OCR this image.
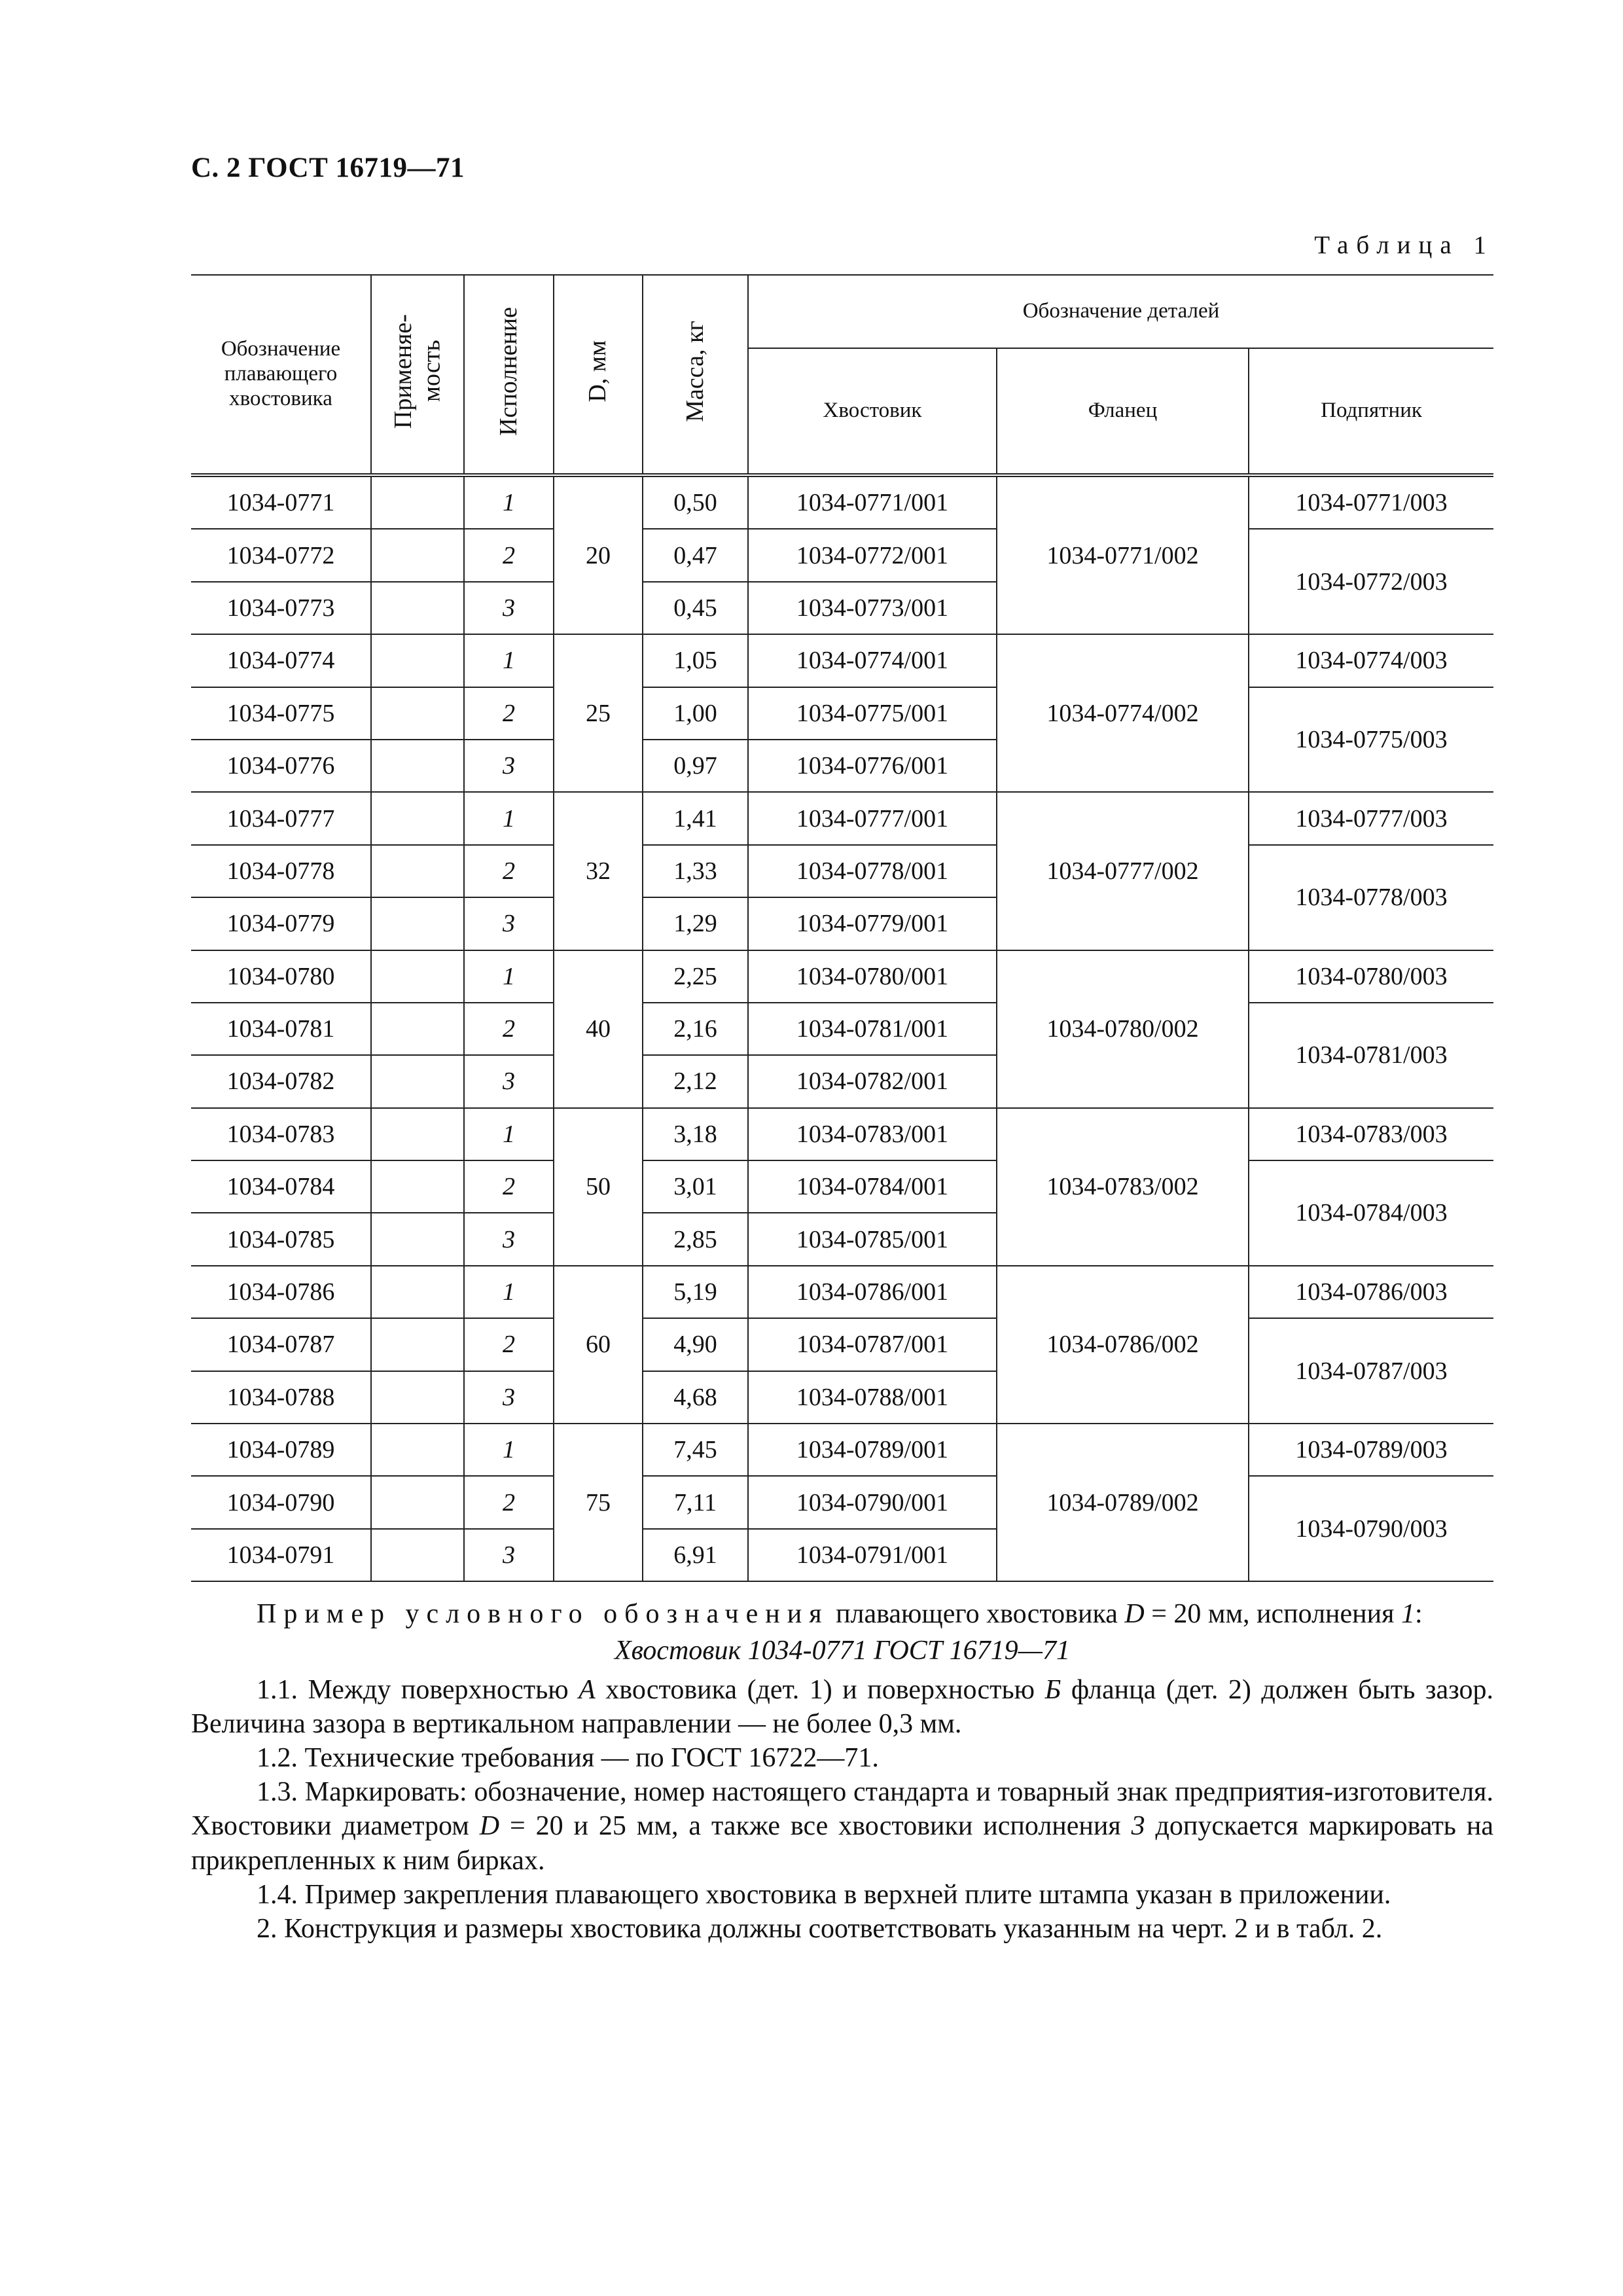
С. 2 ГОСТ 16719—71
Таблица 1
Обозначение плавающего хвостовика	Применяе-мость	Исполнение	D, мм	Масса, кг	Обозначение деталей		

					Хвостовик	Фланец	Подпятник

1034-0771		1	20	0,50	1034-0771/001	1034-0771/002	1034-0771/003
1034-0772		2		0,47	1034-0772/001		1034-0772/003
1034-0773		3		0,45	1034-0773/001		
1034-0774		1	25	1,05	1034-0774/001	1034-0774/002	1034-0774/003
1034-0775		2		1,00	1034-0775/001		1034-0775/003
1034-0776		3		0,97	1034-0776/001		
1034-0777		1	32	1,41	1034-0777/001	1034-0777/002	1034-0777/003
1034-0778		2		1,33	1034-0778/001		1034-0778/003
1034-0779		3		1,29	1034-0779/001		
1034-0780		1	40	2,25	1034-0780/001	1034-0780/002	1034-0780/003
1034-0781		2		2,16	1034-0781/001		1034-0781/003
1034-0782		3		2,12	1034-0782/001		
1034-0783		1	50	3,18	1034-0783/001	1034-0783/002	1034-0783/003
1034-0784		2		3,01	1034-0784/001		1034-0784/003
1034-0785		3		2,85	1034-0785/001		
1034-0786		1	60	5,19	1034-0786/001	1034-0786/002	1034-0786/003
1034-0787		2		4,90	1034-0787/001		1034-0787/003
1034-0788		3		4,68	1034-0788/001		
1034-0789		1	75	7,45	1034-0789/001	1034-0789/002	1034-0789/003
1034-0790		2		7,11	1034-0790/001		1034-0790/003
1034-0791		3		6,91	1034-0791/001		

Пример условного обозначения плавающего хвостовика D = 20 мм, исполнения 1:

Хвостовик 1034-0771 ГОСТ 16719—71

1.1. Между поверхностью А хвостовика (дет. 1) и поверхностью Б фланца (дет. 2) должен быть зазор. Величина зазора в вертикальном направлении — не более 0,3 мм.

1.2. Технические требования — по ГОСТ 16722—71.

1.3. Маркировать: обозначение, номер настоящего стандарта и товарный знак предприятия-изготовителя. Хвостовики диаметром D = 20 и 25 мм, а также все хвостовики исполнения 3 допускается маркировать на прикрепленных к ним бирках.

1.4. Пример закрепления плавающего хвостовика в верхней плите штампа указан в приложении.

2. Конструкция и размеры хвостовика должны соответствовать указанным на черт. 2 и в табл. 2.
